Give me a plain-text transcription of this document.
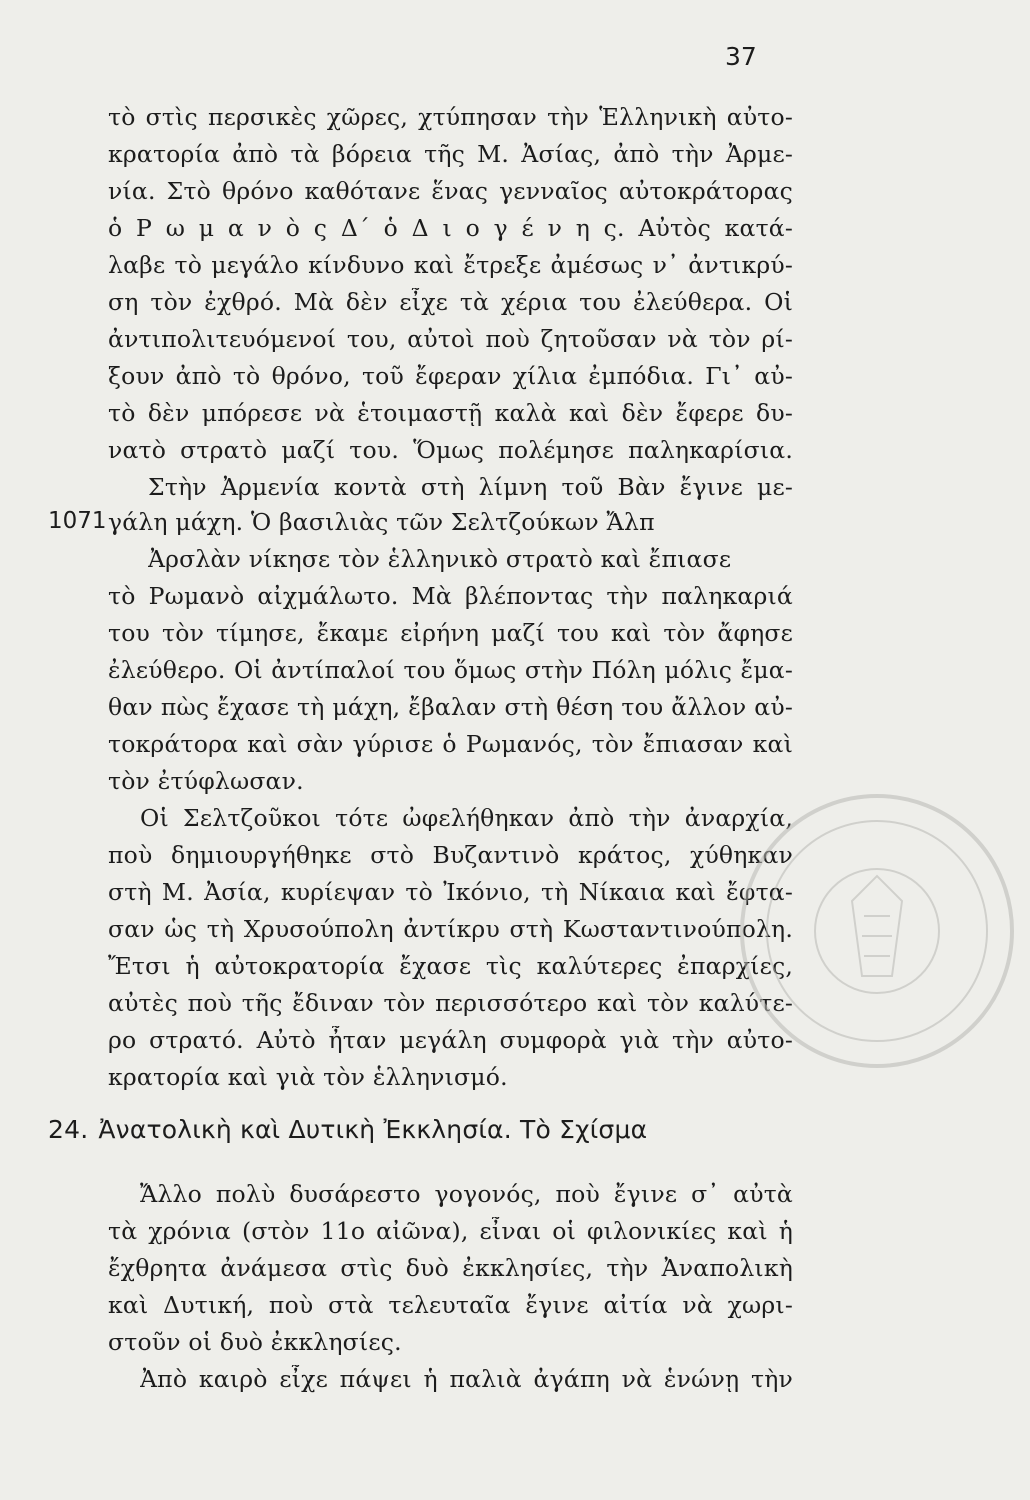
37
τὸ στὶς περσικὲς χῶρες, χτύπησαν τὴν Ἑλληνικὴ αὐτο-
κρατορία ἀπὸ τὰ βόρεια τῆς Μ. Ἀσίας, ἀπὸ τὴν Ἀρμε-
νία. Στὸ θρόνο καθότανε ἕνας γενναῖος αὐτοκράτορας
ὁ Ρ ω μ α ν ὸ ς Δ΄ ὁ Δ ι ο γ έ ν η ς. Αὐτὸς κατά-
λαβε τὸ μεγάλο κίνδυνο καὶ ἔτρεξε ἀμέσως ν᾽ ἀντικρύ-
ση τὸν ἐχθρό. Μὰ δὲν εἶχε τὰ χέρια του ἐλεύθερα. Οἱ
ἀντιπολιτευόμενοί του, αὐτοὶ ποὺ ζητοῦσαν νὰ τὸν ρί-
ξουν ἀπὸ τὸ θρόνο, τοῦ ἔφεραν χίλια ἐμπόδια. Γι᾽ αὐ-
τὸ δὲν μπόρεσε νὰ ἑτοιμαστῇ καλὰ καὶ δὲν ἔφερε δυ-
νατὸ στρατὸ μαζί του. Ὅμως πολέμησε παληκαρίσια.
Στὴν Ἀρμενία κοντὰ στὴ λίμνη τοῦ Βὰν ἔγινε με-
1071 γάλη μάχη. Ὁ βασιλιὰς τῶν Σελτζούκων Ἄλπ
Ἀρσλὰν νίκησε τὸν ἑλληνικὸ στρατὸ καὶ ἔπιασε
τὸ Ρωμανὸ αἰχμάλωτο. Μὰ βλέποντας τὴν παληκαριά
του τὸν τίμησε, ἔκαμε εἰρήνη μαζί του καὶ τὸν ἄφησε
ἐλεύθερο. Οἱ ἀντίπαλοί του ὅμως στὴν Πόλη μόλις ἔμα-
θαν πὼς ἔχασε τὴ μάχη, ἔβαλαν στὴ θέση του ἄλλον αὐ-
τοκράτορα καὶ σὰν γύρισε ὁ Ρωμανός, τὸν ἔπιασαν καὶ
τὸν ἐτύφλωσαν.
Οἱ Σελτζοῦκοι τότε ὠφελήθηκαν ἀπὸ τὴν ἀναρχία,
ποὺ δημιουργήθηκε στὸ Βυζαντινὸ κράτος, χύθηκαν
στὴ Μ. Ἀσία, κυρίεψαν τὸ Ἰκόνιο, τὴ Νίκαια καὶ ἔφτα-
σαν ὡς τὴ Χρυσούπολη ἀντίκρυ στὴ Κωσταντινούπολη.
Ἔτσι ἡ αὐτοκρατορία ἔχασε τὶς καλύτερες ἐπαρχίες,
αὐτὲς ποὺ τῆς ἔδιναν τὸν περισσότερο καὶ τὸν καλύτε-
ρο στρατό. Αὐτὸ ἦταν μεγάλη συμφορὰ γιὰ τὴν αὐτο-
κρατορία καὶ γιὰ τὸν ἑλληνισμό.
24. Ἀνατολικὴ καὶ Δυτικὴ Ἐκκλησία. Τὸ Σχίσμα
Ἄλλο πολὺ δυσάρεστο γογονός, ποὺ ἔγινε σ᾽ αὐτὰ
τὰ χρόνια (στὸν 11ο αἰῶνα), εἶναι οἱ φιλονικίες καὶ ἡ
ἔχθρητα ἀνάμεσα στὶς δυὸ ἐκκλησίες, τὴν Ἀναπολικὴ
καὶ Δυτική, ποὺ στὰ τελευταῖα ἔγινε αἰτία νὰ χωρι-
στοῦν οἱ δυὸ ἐκκλησίες.
Ἀπὸ καιρὸ εἶχε πάψει ἡ παλιὰ ἀγάπη νὰ ἑνώνῃ τὴν
